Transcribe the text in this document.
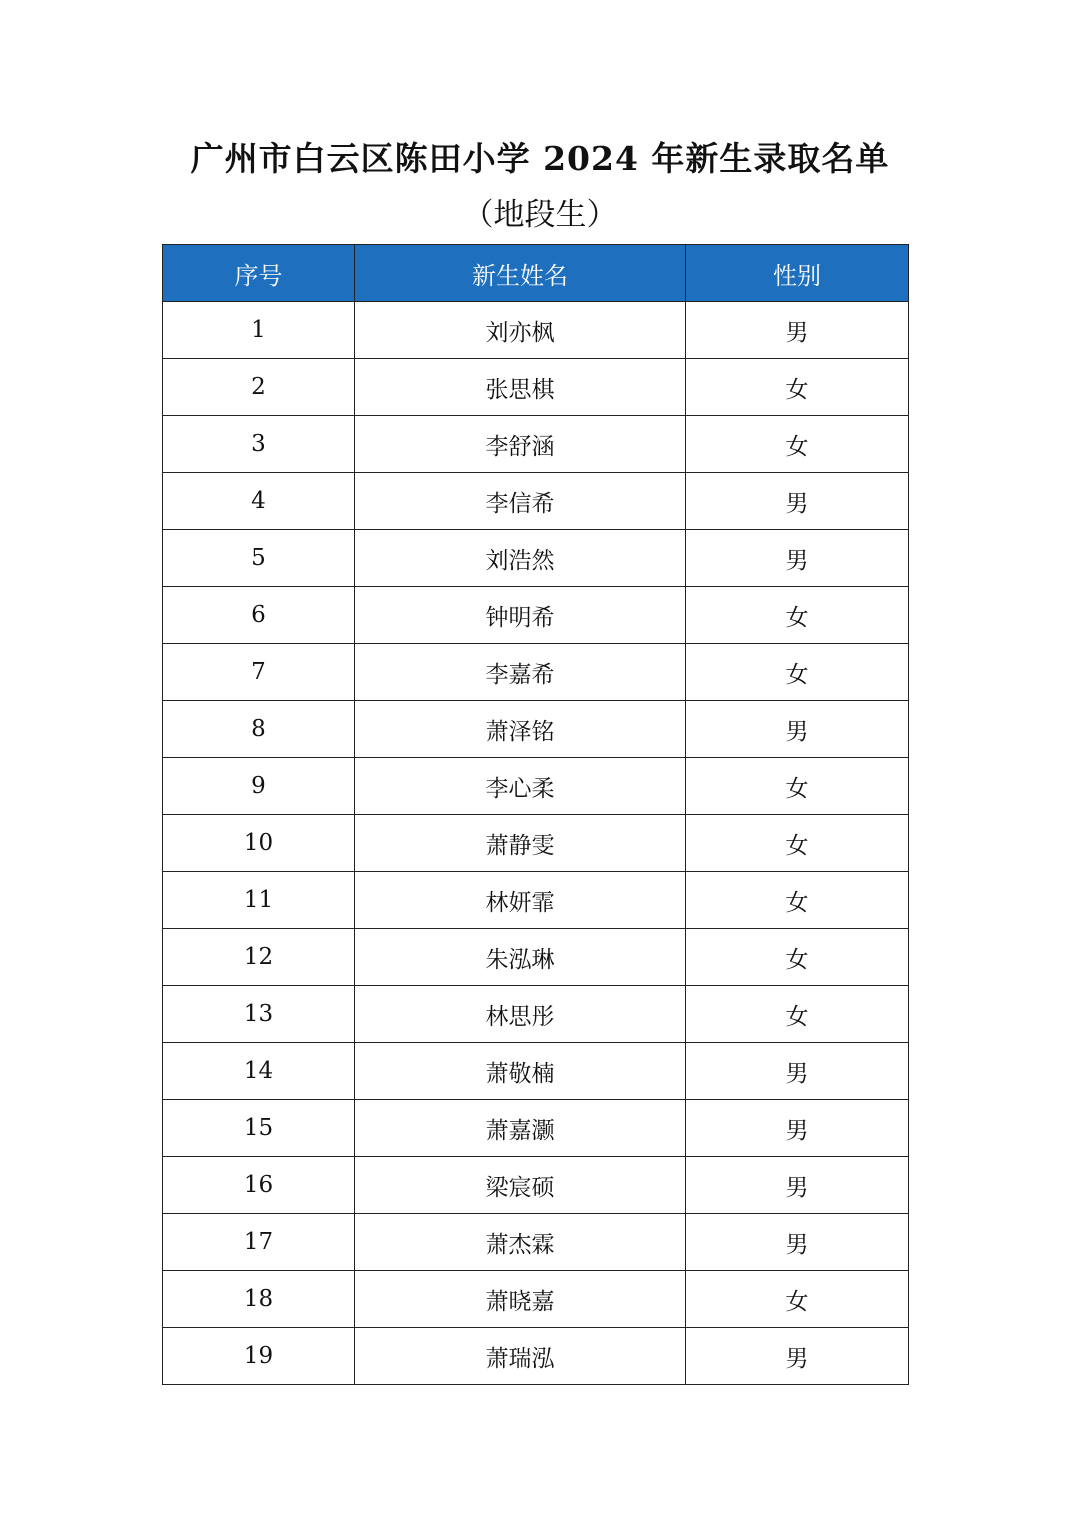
广州市白云区陈田小学 2024 年新生录取名单
（地段生）
序号	新生姓名	性别
1	刘亦枫	男
2	张思棋	女
3	李舒涵	女
4	李信希	男
5	刘浩然	男
6	钟明希	女
7	李嘉希	女
8	萧泽铭	男
9	李心柔	女
10	萧静雯	女
11	林妍霏	女
12	朱泓琳	女
13	林思彤	女
14	萧敬楠	男
15	萧嘉灏	男
16	梁宸硕	男
17	萧杰霖	男
18	萧晓嘉	女
19	萧瑞泓	男
